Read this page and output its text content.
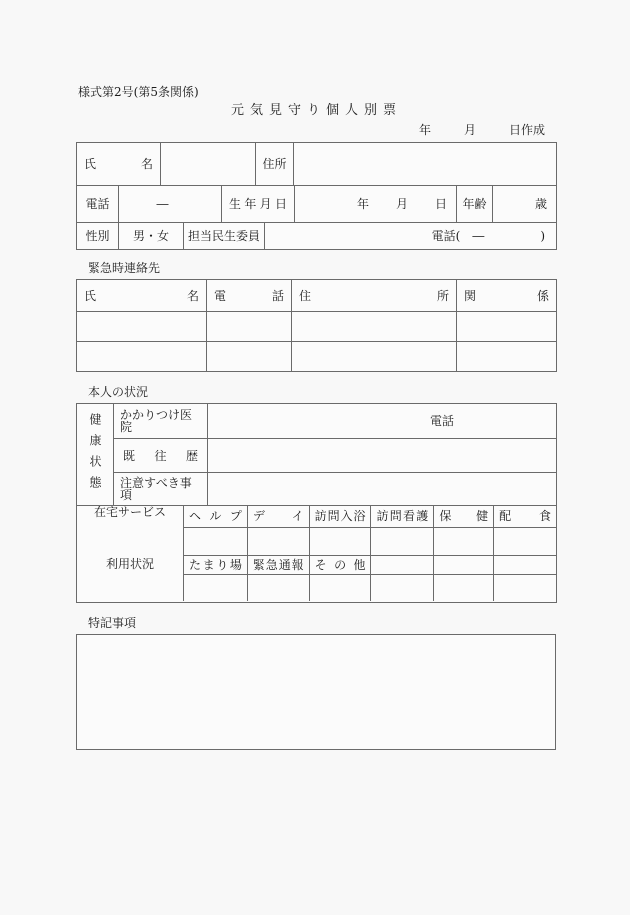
様式第2号(第5条関係)
元気見守り個人別票
年	月	日作成
氏名	住所
電話	―	生年月日	年 月 日 年齢	歳
性別	男・女 担当民生委員	電話( ―	)
緊急時連絡先
氏名 電話 住所 関係
本人の状況
健康状態 かかりつけ医院	電話
既往歴
注意すべき事項
在宅サービス
利用状況
ヘルプ デイ 訪問入浴 訪問看護 保健 配食
たまり場 緊急通報 その他
特記事項
